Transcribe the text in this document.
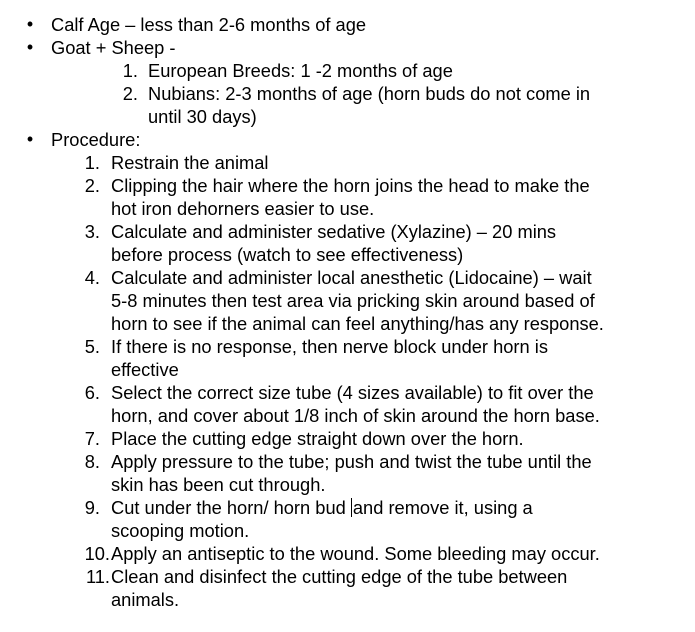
• Calf Age – less than 2-6 months of age
• Goat + Sheep -
1. European Breeds: 1 -2 months of age
2. Nubians: 2-3 months of age (horn buds do not come in
until 30 days)
• Procedure:
1. Restrain the animal
2. Clipping the hair where the horn joins the head to make the
hot iron dehorners easier to use.
3. Calculate and administer sedative (Xylazine) – 20 mins
before process (watch to see effectiveness)
4. Calculate and administer local anesthetic (Lidocaine) – wait
5-8 minutes then test area via pricking skin around based of
horn to see if the animal can feel anything/has any response.
5. If there is no response, then nerve block under horn is
effective
6. Select the correct size tube (4 sizes available) to fit over the
horn, and cover about 1/8 inch of skin around the horn base.
7. Place the cutting edge straight down over the horn.
8. Apply pressure to the tube; push and twist the tube until the
skin has been cut through.
9. Cut under the horn/ horn bud and remove it, using a
scooping motion.
10. Apply an antiseptic to the wound. Some bleeding may occur.
11. Clean and disinfect the cutting edge of the tube between
animals.
